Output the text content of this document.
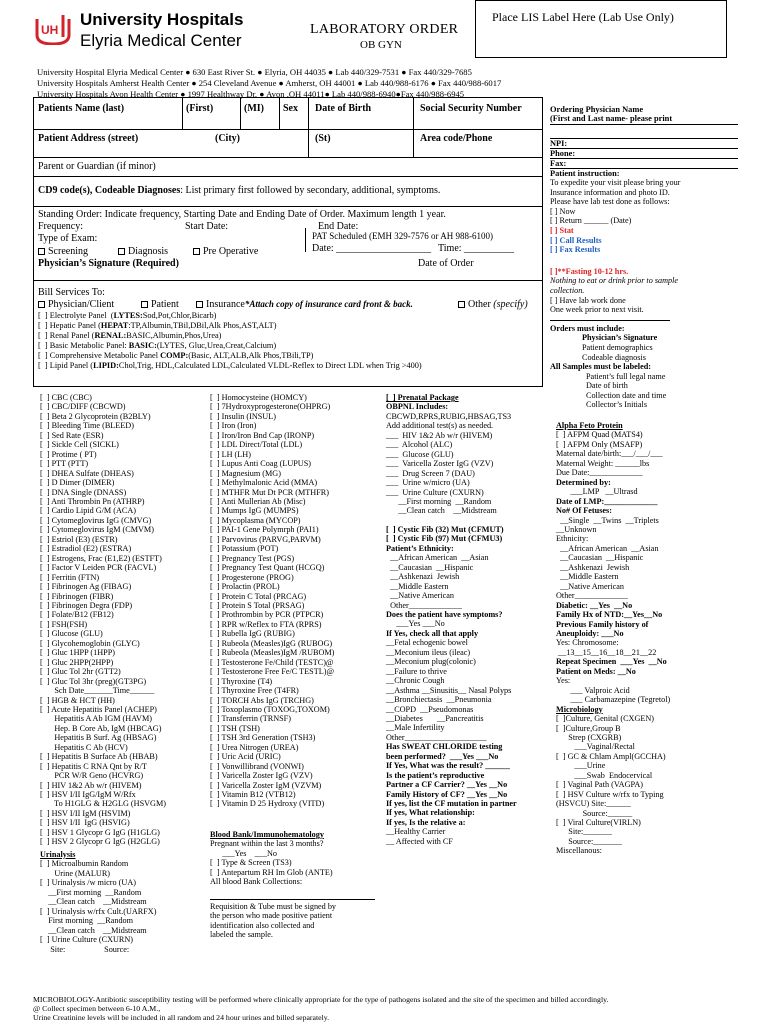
UH
University Hospitals
Elyria Medical Center
LABORATORY ORDER
OB GYN
Place LIS Label Here (Lab Use Only)
University Hospital Elyria Medical Center ● 630 East River St. ● Elyria, OH 44035 ● Lab 440/329-7531 ● Fax 440/329-7685
University Hospitals Amherst Health Center ● 254 Cleveland Avenue ● Amherst, OH 44001 ● Lab 440/988-6176 ● Fax 440/988-6017
University Hospitals Avon Health Center ● 1997 Healthway Dr. ● Avon ,OH 44011● Lab 440/988-6940●Fax 440/988-6945
Patients Name (last)	(First)	(MI) Sex Date of Birth	Social Security Number
Patient Address (street)	(City)	(St)	Area code/Phone
Parent or Guardian (if minor)
CD9 code(s), Codeable Diagnoses: List primary first followed by secondary, additional, symptoms.
Standing Order: Indicate frequency, Starting Date and Ending Date of Order. Maximum length 1 year.
Frequency:	Start Date:	End Date:
Type of Exam:	PAT Scheduled (EMH 329-7576 or AH 988-6100)
Date: ___________________ Time: __________
Screening	Diagnosis	Pre Operative
Physician’s Signature (Required)	Date of Order
Bill Services To:
Physician/Client	Patient	Insurance*Attach copy of insurance card front & back.	Other (specify)
[  ] Electrolyte Panel  (LYTES:Sod,Pot,Chlor,Bicarb)
[  ] Hepatic Panel (HEPAT:TP,Albumin,TBil,DBil,Alk Phos,AST,ALT)
[  ] Renal Panel (RENAL:BASIC,Albumin,Phos,Urea)
[  ] Basic Metabolic Panel: BASIC:(LYTES, Gluc,Urea,Creat,Calcium)
[  ] Comprehensive Metabolic Panel COMP:(Basic, ALT,ALB,Alk Phos,TBili,TP)
[  ] Lipid Panel (LIPID:Chol,Trig, HDL,Calculated LDL,Calculated VLDL-Reflex to Direct LDL when Trig >400)
Ordering Physician Name
(First and Last name- please print
NPI:
Phone:
Fax:
Patient instruction:
To expedite your visit please bring your
Insurance information and photo ID.
Please have lab test done as follows:
[ ] Now
[ ] Return ______ (Date)
[ ] Stat
[ ] Call Results
[ ] Fax Results
[ ]**Fasting 10-12 hrs.
Nothing to eat or drink prior to sample
collection.
[ ] Have lab work done
One week prior to next visit.
Orders must include:
Physician’s Signature
Patient demographics
Codeable diagnosis
All Samples must be labeled:
Patient’s full legal name
Date of birth
Collection date and time
Collector’s Initials
[  ] CBC (CBC)
[  ] CBC/DIFF (CBCWD)
[  ] Beta 2 Glycoprotein (B2BLY)
[  ] Bleeding Time (BLEED)
[  ] Sed Rate (ESR)
[  ] Sickle Cell (SICKL)
[  ] Protime ( PT)
[  ] PTT (PTT)
[  ] DHEA Sulfate (DHEAS)
[  ] D Dimer (DIMER)
[  ] DNA Single (DNASS)
[  ] Anti Thrombin Pn (ATHRP)
[  ] Cardio Lipid G/M (ACA)
[  ] Cytomeglovirus IgG (CMVG)
[  ] Cytomeglovirus IgM (CMVM)
[  ] Estriol (E3) (ESTR)
[  ] Estradiol (E2) (ESTRA)
[  ] Estrogens, Frac (E1,E2) (ESTFT)
[  ] Factor V Leiden PCR (FACVL)
[  ] Ferritin (FTN)
[  ] Fibrinogen Ag (FIBAG)
[  ] Fibrinogen (FIBR)
[  ] Fibrinogen Degra (FDP)
[  ] Folate/B12 (FB12)
[  ] FSH(FSH)
[  ] Glucose (GLU)
[  ] Glycohemoglobin (GLYC)
[  ] Gluc 1HPP (1HPP)
[  ] Gluc 2HPP(2HPP)
[  ] Gluc Tol 2hr (GTT2)
[  ] Gluc Tol 3hr (preg)(GT3PG)
Sch Date_______Time______
[  ] HGB & HCT (HH)
[  ] Acute Hepatitis Panel (ACHEP)
Hepatitis A Ab IGM (HAVM)
Hep. B Core Ab, IgM (HBCAG)
Hepatitis B Surf. Ag (HBSAG)
Hepatitis C Ab (HCV)
[  ] Hepatitis B Surface Ab (HBAB)
[  ] Hepatitis C RNA Qnt by R/T
PCR W/R Geno (HCVRG)
[  ] HIV 1&2 Ab w/r (HIVEM)
[  ] HSV I/II IgG/IgM W/Rfx
To H1GLG & H2GLG (HSVGM)
[  ] HSV I/II IgM (HSVIM)
[  ] HSV I/II  IgG (HSVIG)
[  ] HSV 1 Glycopr G IgG (H1GLG)
[  ] HSV 2 Glycopr G IgG (H2GLG)
Urinalysis
[  ] Microalbumin Random
Urine (MALUR)
[  ] Urinalysis /w micro (UA)
__First morning  __Random
__Clean catch    __Midstream
[  ] Urinalysis w/rfx Cult.(UARFX)
First morning  __Random
__Clean catch    __Midstream
[  ] Urine Culture (CXURN)
Site:                   Source:
[  ] Homocysteine (HOMCY)
[  ] 7Hydroxyprogesterone(OHPRG)
[  ] Insulin (INSUL)
[  ] Iron (Iron)
[  ] Iron/Iron Bnd Cap (IRONP)
[  ] LDL Direct/Total (LDL)
[  ] LH (LH)
[  ] Lupus Anti Coag (LUPUS)
[  ] Magnesium (MG)
[  ] Methylmalonic Acid (MMA)
[  ] MTHFR Mut Dt PCR (MTHFR)
[  ] Anti Mullerian Ab (Misc)
[  ] Mumps IgG (MUMPS)
[  ] Mycoplasma (MYCOP)
[  ] PAI-1 Gene Polymrph (PAI1)
[  ] Parvovirus (PARVG,PARVM)
[  ] Potassium (POT)
[  ] Pregnancy Test (PGS)
[  ] Pregnancy Test Quant (HCGQ)
[  ] Progesterone (PROG)
[  ] Prolactin (PROL)
[  ] Protein C Total (PRCAG)
[  ] Protein S Total (PRSAG)
[  ] Prothrombin by PCR (PTPCR)
[  ] RPR w/Reflex to FTA (RPRS)
[  ] Rubella IgG (RUBIG)
[  ] Rubeola (Measles)IgG (RUBOG)
[  ] Rubeola (Measles)IgM /RUBOM)
[  ] Testosterone Fe/Child (TESTC)@
[  ] Testosterone Free Fe/C TESTL)@
[  ] Thyroxine (T4)
[  ] Thyroxine Free (T4FR)
[  ] TORCH Abs IgG (TRCHG)
[  ] Toxoplasmo (TOXOG,TOXOM)
[  ] Transferrin (TRNSF)
[  ] TSH (TSH)
[  ] TSH 3rd Generation (TSH3)
[  ] Urea Nitrogen (UREA)
[  ] Uric Acid (URIC)
[  ] Vonwillibrand (VONWI)
[  ] Varicella Zoster IgG (VZV)
[  ] Varicella Zoster IgM (VZVM)
[  ] Vitamin B12 (VTB12)
[  ] Vitamin D 25 Hydroxy (VITD)
Blood Bank/Immunohematology
Pregnant within the last 3 months?
___Yes    ___No
[  ] Type & Screen (TS3)
[  ] Antepartum RH Im Glob (ANTE)
All blood Bank Collections:
Requisition & Tube must be signed by
the person who made positive patient
identification also collected and
labeled the sample.
[  ] Prenatal Package
OBPNL Includes:
CBCWD,RPRS,RUBIG,HBSAG,TS3
Add additional test(s) as needed.
___  HIV 1&2 Ab w/r (HIVEM)
___  Alcohol (ALC)
___  Glucose (GLU)
___  Varicella Zoster IgG (VZV)
___  Drug Screen 7 (DAU)
___  Urine w/micro (UA)
___  Urine Culture (CXURN)
__First morning  __Random
__Clean catch    __Midstream
[  ] Cystic Fib (32) Mut (CFMUT)
[  ] Cystic Fib (97) Mut (CFMU3)
Patient’s Ethnicity:
__African American  __Asian
__Caucasian  __Hispanic
__Ashkenazi  Jewish
__Middle Eastern
__Native American
Other_____________
Does the patient have symptoms?
___Yes ___No
If Yes, check all that apply
__Fetal echogenic bowel
__Meconium ileus (ileac)
__Meconium plug(colonic)
__Failure to thrive
__Chronic Cough
__Asthma __Sinusitis__ Nasal Polyps
__Bronchiectasis  __Pneumonia
__COPD  __Pseudomonas
__Diabetes       __Pancreatitis
__Male Infertility
Other____________________
Has SWEAT CHLORIDE testing
been performed?  ___Yes ___No
If Yes, What was the result? ______
Is the patient’s reproductive
Partner a CF Carrier? __Yes __No
Family History of CF? __Yes __No
If yes, list the CF mutation in partner
If yes, What relationship:
If yes, Is the relative a:
__Healthy Carrier
__ Affected with CF
Alpha Feto Protein
[  ] AFPM Quad (MATS4)
[  ] AFPM Only (MSAFP)
Maternal date/birth:___/___/___
Maternal Weight: ______lbs
Due Date:_____________
Determined by:
___LMP   __Ultrasd
Date of LMP:_____________
No# Of Fetuses:
__Single  __Twins  __Triplets
__Unknown
Ethnicity:
__African American  __Asian
__Caucasian  __Hispanic
__Ashkenazi  Jewish
__Middle Eastern
__Native American
Other_____________
Diabetic: __Yes  __No
Family Hx of NTD:__Yes__No
Previous Family history of
Aneuploidy: ___No
Yes: Chromosome:
__13__15__16__18__21__22
Repeat Specimen  ___Yes  __No
Patient on Meds: __No
Yes:
___ Valproic Acid
___ Carbamazepine (Tegretol)
Microbiology
[  ]Culture, Genital (CXGEN)
[  ]Culture,Group B
Strep (CXGRB)
___Vaginal/Rectal
[  ] GC & Chlam Ampl(GCCHA)
___Urine
___Swab  Endocervical
[  ] Vaginal Path (VAGPA)
[  ] HSV Culture w/rfx to Typing
(HSVCU) Site:______
Source:______
[  ] Viral Culture(VIRLN)
Site:_______
Source:_______
Miscellanous:
MICROBIOLOGY-Antibiotic susceptibility testing will be performed where clinically appropriate for the type of pathogens isolated and the site of the specimen and billed accordingly.
@ Collect specimen between 6-10 A.M.,
Urine Creatinine levels will be included in all random and 24 hour urines and billed separately.
